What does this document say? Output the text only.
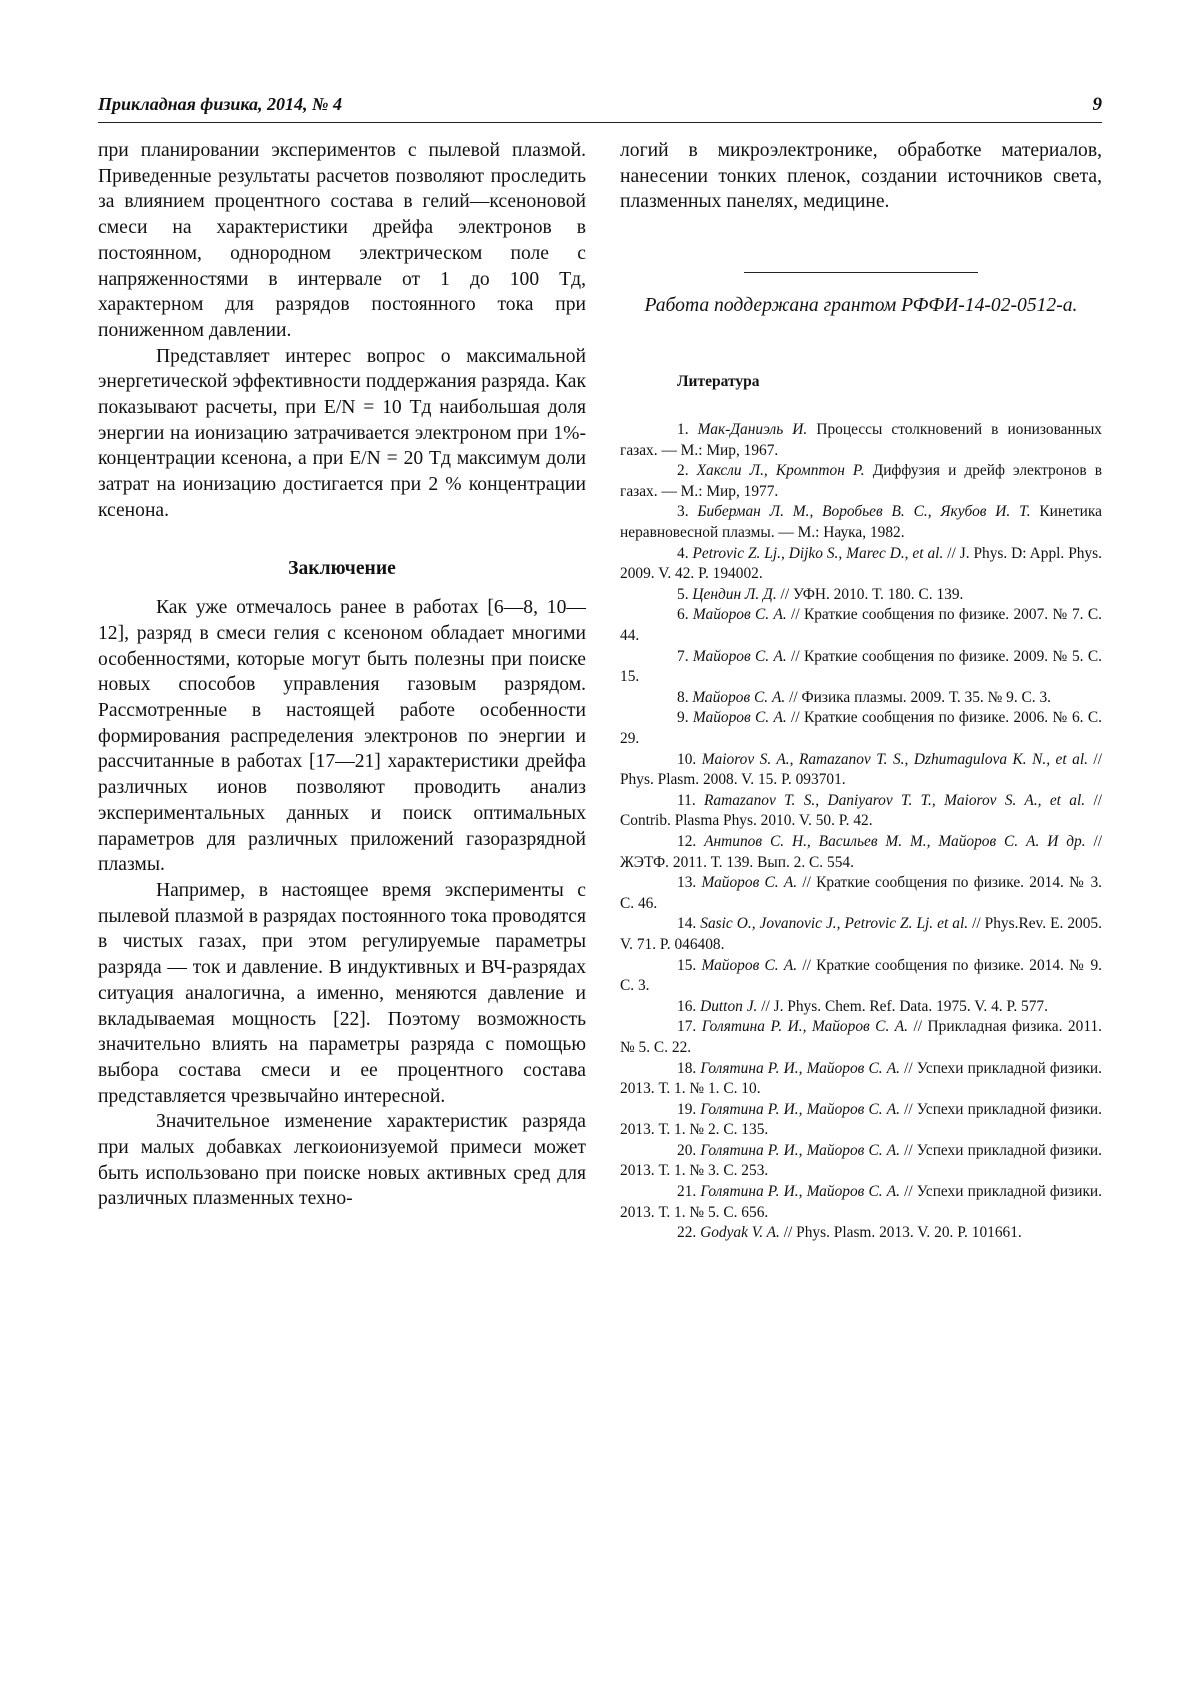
Прикладная физика, 2014, № 4	9

при планировании экспериментов с пылевой плазмой. Приведенные результаты расчетов позволяют проследить за влиянием процентного состава в гелий—ксеноновой смеси на характеристики дрейфа электронов в постоянном, однородном электрическом поле с напряженностями в интервале от 1 до 100 Тд, характерном для разрядов постоянного тока при пониженном давлении.

Представляет интерес вопрос о максимальной энергетической эффективности поддержания разряда. Как показывают расчеты, при E/N = 10 Тд наибольшая доля энергии на ионизацию затрачивается электроном при 1%-концентрации ксенона, а при E/N = 20 Тд максимум доли затрат на ионизацию достигается при 2 % концентрации ксенона.

Заключение

Как уже отмечалось ранее в работах [6—8, 10—12], разряд в смеси гелия с ксеноном обладает многими особенностями, которые могут быть полезны при поиске новых способов управления газовым разрядом. Рассмотренные в настоящей работе особенности формирования распределения электронов по энергии и рассчитанные в работах [17—21] характеристики дрейфа различных ионов позволяют проводить анализ экспериментальных данных и поиск оптимальных параметров для различных приложений газоразрядной плазмы.

Например, в настоящее время эксперименты с пылевой плазмой в разрядах постоянного тока проводятся в чистых газах, при этом регулируемые параметры разряда — ток и давление. В индуктивных и ВЧ-разрядах ситуация аналогична, а именно, меняются давление и вкладываемая мощность [22]. Поэтому возможность значительно влиять на параметры разряда с помощью выбора состава смеси и ее процентного состава представляется чрезвычайно интересной.

Значительное изменение характеристик разряда при малых добавках легкоионизуемой примеси может быть использовано при поиске новых активных сред для различных плазменных техно-

логий в микроэлектронике, обработке материалов, нанесении тонких пленок, создании источников света, плазменных панелях, медицине.

Работа поддержана грантом РФФИ-14-02-0512-а.

Литература
1. Мак-Даниэль И. Процессы столкновений в ионизованных газах. — М.: Мир, 1967.
2. Хаксли Л., Кромптон Р. Диффузия и дрейф электронов в газах. — М.: Мир, 1977.
3. Биберман Л. М., Воробьев В. С., Якубов И. Т. Кинетика неравновесной плазмы. — М.: Наука, 1982.
4. Petrovic Z. Lj., Dijko S., Marec D., et al. // J. Phys. D: Appl. Phys. 2009. V. 42. P. 194002.
5. Цендин Л. Д. // УФН. 2010. Т. 180. С. 139.
6. Майоров С. А. // Краткие сообщения по физике. 2007. № 7. С. 44.
7. Майоров С. А. // Краткие сообщения по физике. 2009. № 5. С. 15.
8. Майоров С. А. // Физика плазмы. 2009. Т. 35. № 9. С. 3.
9. Майоров С. А. // Краткие сообщения по физике. 2006. № 6. С. 29.
10. Maiorov S. A., Ramazanov T. S., Dzhumagulova K. N., et al. // Phys. Plasm. 2008. V. 15. P. 093701.
11. Ramazanov T. S., Daniyarov T. T., Maiorov S. A., et al. // Contrib. Plasma Phys. 2010. V. 50. P. 42.
12. Антипов С. Н., Васильев М. М., Майоров С. А. И др. // ЖЭТФ. 2011. Т. 139. Вып. 2. С. 554.
13. Майоров С. А. // Краткие сообщения по физике. 2014. № 3. С. 46.
14. Sasic O., Jovanovic J., Petrovic Z. Lj. et al. // Phys.Rev. E. 2005. V. 71. P. 046408.
15. Майоров С. А. // Краткие сообщения по физике. 2014. № 9. С. 3.
16. Dutton J. // J. Phys. Chem. Ref. Data. 1975. V. 4. P. 577.
17. Голятина Р. И., Майоров С. А. // Прикладная физика. 2011. № 5. С. 22.
18. Голятина Р. И., Майоров С. А. // Успехи прикладной физики. 2013. Т. 1. № 1. С. 10.
19. Голятина Р. И., Майоров С. А. // Успехи прикладной физики. 2013. Т. 1. № 2. С. 135.
20. Голятина Р. И., Майоров С. А. // Успехи прикладной физики. 2013. Т. 1. № 3. С. 253.
21. Голятина Р. И., Майоров С. А. // Успехи прикладной физики. 2013. Т. 1. № 5. С. 656.
22. Godyak V. A. // Phys. Plasm. 2013. V. 20. P. 101661.
